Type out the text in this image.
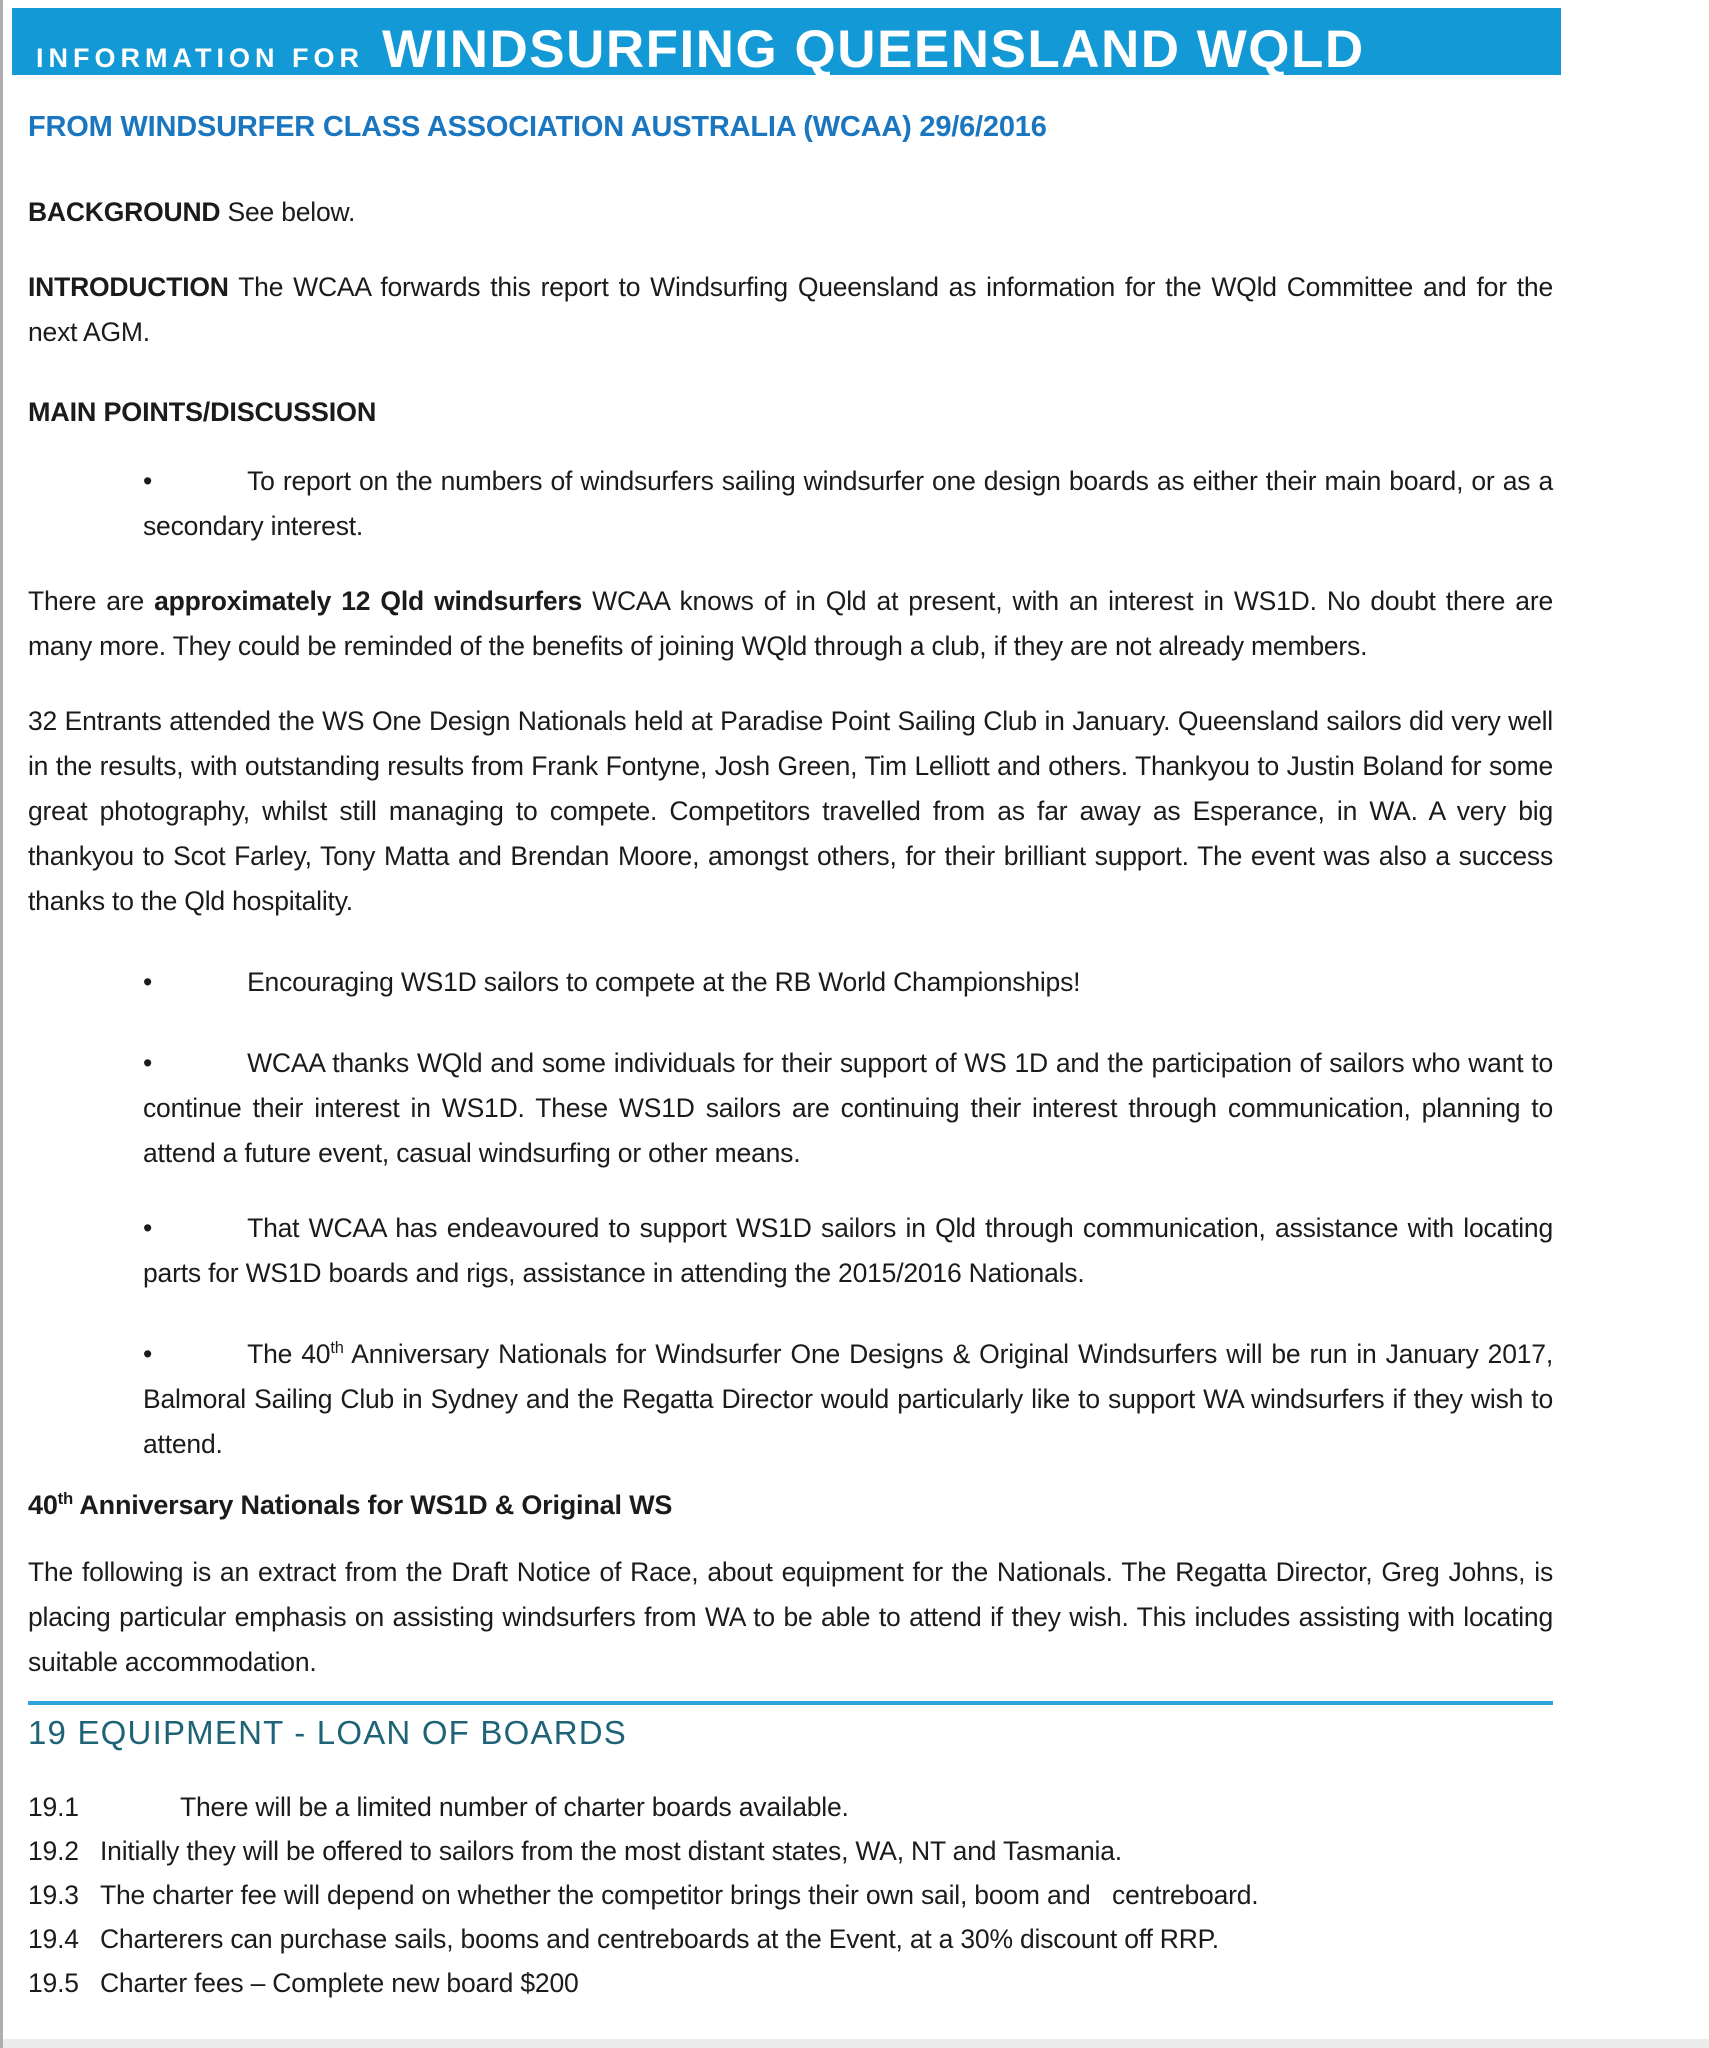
INFORMATION FOR WINDSURFING QUEENSLAND WQLD
FROM WINDSURFER CLASS ASSOCIATION AUSTRALIA (WCAA) 29/6/2016

BACKGROUND See below.

INTRODUCTION The WCAA forwards this report to Windsurfing Queensland as information for the WQld Committee and for the next AGM.

MAIN POINTS/DISCUSSION
•	To report on the numbers of windsurfers sailing windsurfer one design boards as either their main board, or as a secondary interest.

There are approximately 12 Qld windsurfers WCAA knows of in Qld at present, with an interest in WS1D. No doubt there are many more. They could be reminded of the benefits of joining WQld through a club, if they are not already members.

32 Entrants attended the WS One Design Nationals held at Paradise Point Sailing Club in January. Queensland sailors did very well in the results, with outstanding results from Frank Fontyne, Josh Green, Tim Lelliott and others. Thankyou to Justin Boland for some great photography, whilst still managing to compete. Competitors travelled from as far away as Esperance, in WA. A very big thankyou to Scot Farley, Tony Matta and Brendan Moore, amongst others, for their brilliant support. The event was also a success thanks to the Qld hospitality.

•	Encouraging WS1D sailors to compete at the RB World Championships!
•	WCAA thanks WQld and some individuals for their support of WS 1D and the participation of sailors who want to continue their interest in WS1D. These WS1D sailors are continuing their interest through communication, planning to attend a future event, casual windsurfing or other means.
•	That WCAA has endeavoured to support WS1D sailors in Qld through communication, assistance with locating parts for WS1D boards and rigs, assistance in attending the 2015/2016 Nationals.
•	The 40th Anniversary Nationals for Windsurfer One Designs & Original Windsurfers will be run in January 2017, Balmoral Sailing Club in Sydney and the Regatta Director would particularly like to support WA windsurfers if they wish to attend.
40th Anniversary Nationals for WS1D & Original WS

The following is an extract from the Draft Notice of Race, about equipment for the Nationals. The Regatta Director, Greg Johns, is placing particular emphasis on assisting windsurfers from WA to be able to attend if they wish. This includes assisting with locating suitable accommodation.

19 EQUIPMENT - LOAN OF BOARDS
19.1	There will be a limited number of charter boards available.
19.2 Initially they will be offered to sailors from the most distant states, WA, NT and Tasmania.
19.3 The charter fee will depend on whether the competitor brings their own sail, boom and   centreboard.
19.4 Charterers can purchase sails, booms and centreboards at the Event, at a 30% discount off RRP.
19.5 Charter fees – Complete new board $200
